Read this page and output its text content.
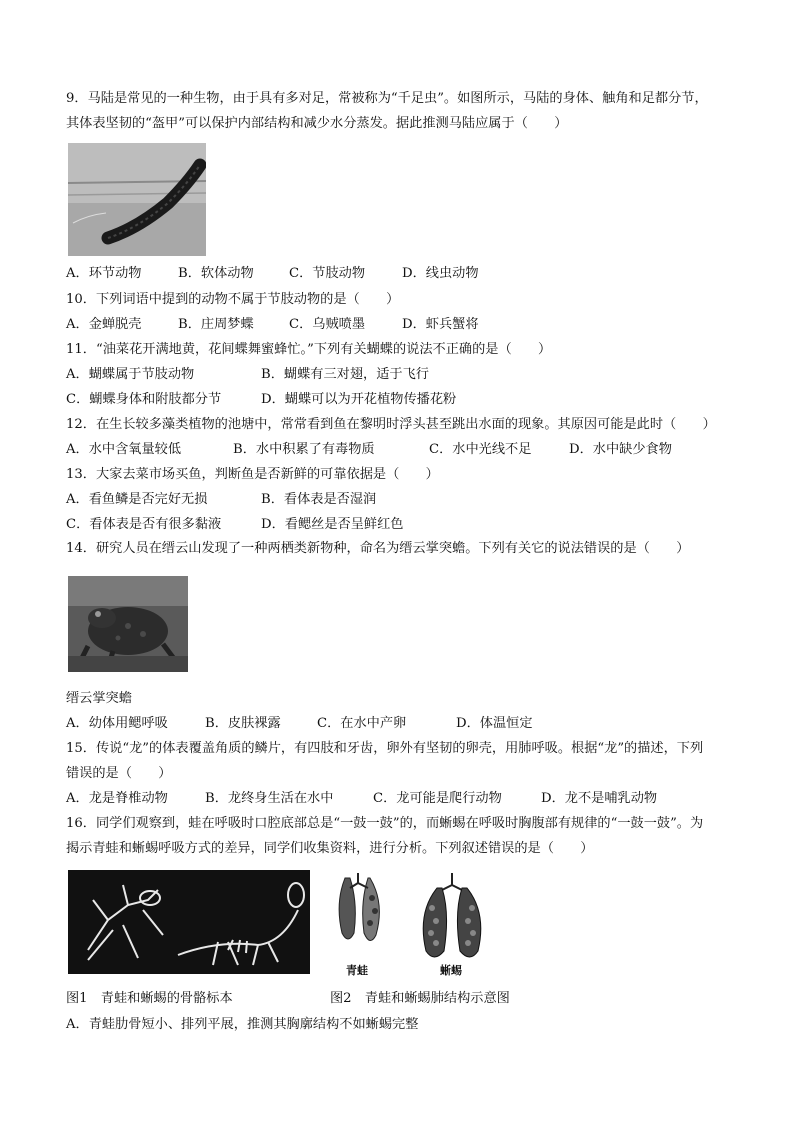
9．马陆是常见的一种生物，由于具有多对足，常被称为“千足虫”。如图所示，马陆的身体、触角和足都分节，
其体表坚韧的“盔甲”可以保护内部结构和减少水分蒸发。据此推测马陆应属于（　　）
A．环节动物	B．软体动物	C．节肢动物	D．线虫动物
10．下列词语中提到的动物不属于节肢动物的是（　　）
A．金蝉脱壳	B．庄周梦蝶	C．乌贼喷墨	D．虾兵蟹将
11．“油菜花开满地黄，花间蝶舞蜜蜂忙。”下列有关蝴蝶的说法不正确的是（　　）
A．蝴蝶属于节肢动物	B．蝴蝶有三对翅，适于飞行
C．蝴蝶身体和附肢都分节	D．蝴蝶可以为开花植物传播花粉
12．在生长较多藻类植物的池塘中，常常看到鱼在黎明时浮头甚至跳出水面的现象。其原因可能是此时（　　）
A．水中含氧量较低	B．水中积累了有毒物质	C．水中光线不足	D．水中缺少食物
13．大家去菜市场买鱼，判断鱼是否新鲜的可靠依据是（　　）
A．看鱼鳞是否完好无损	B．看体表是否湿润
C．看体表是否有很多黏液	D．看鳃丝是否呈鲜红色
14．研究人员在缙云山发现了一种两栖类新物种，命名为缙云掌突蟾。下列有关它的说法错误的是（　　）
缙云掌突蟾
A．幼体用鳃呼吸	B．皮肤裸露	C．在水中产卵	D．体温恒定
15．传说“龙”的体表覆盖角质的鳞片，有四肢和牙齿，卵外有坚韧的卵壳，用肺呼吸。根据“龙”的描述，下列
错误的是（　　）
A．龙是脊椎动物	B．龙终身生活在水中	C．龙可能是爬行动物	D．龙不是哺乳动物
16．同学们观察到，蛙在呼吸时口腔底部总是“一鼓一鼓”的，而蜥蜴在呼吸时胸腹部有规律的“一鼓一鼓”。为
揭示青蛙和蜥蜴呼吸方式的差异，同学们收集资料，进行分析。下列叙述错误的是（　　）
青蛙	蜥蜴
图1　青蛙和蜥蜴的骨骼标本	图2　青蛙和蜥蜴肺结构示意图
A．青蛙肋骨短小、排列平展，推测其胸廓结构不如蜥蜴完整
